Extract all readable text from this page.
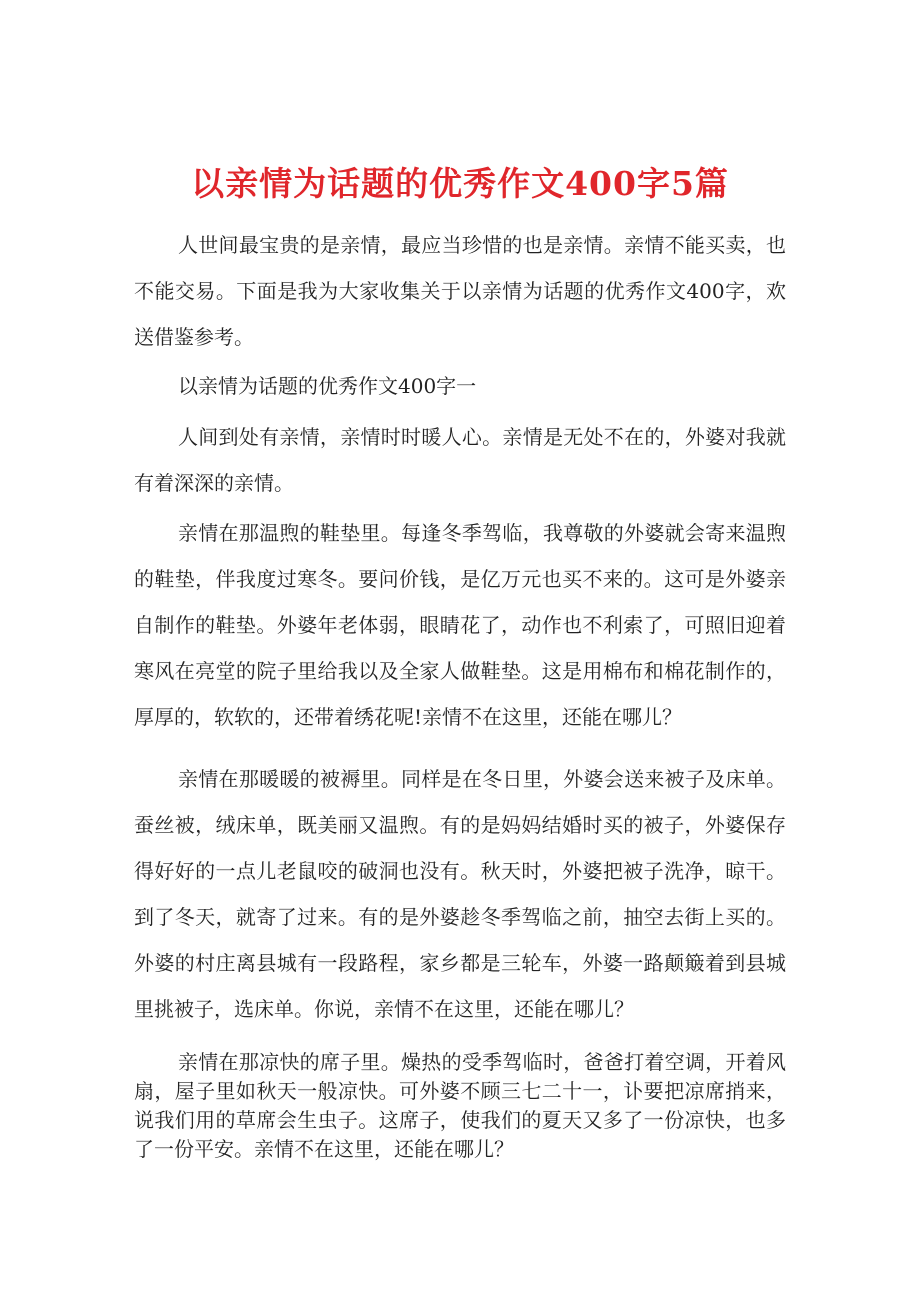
以亲情为话题的优秀作文400字5篇

人世间最宝贵的是亲情，最应当珍惜的也是亲情。亲情不能买卖，也不能交易。下面是我为大家收集关于以亲情为话题的优秀作文400字，欢送借鉴参考。

以亲情为话题的优秀作文400字一

人间到处有亲情，亲情时时暖人心。亲情是无处不在的，外婆对我就有着深深的亲情。

亲情在那温煦的鞋垫里。每逢冬季驾临，我尊敬的外婆就会寄来温煦的鞋垫，伴我度过寒冬。要问价钱，是亿万元也买不来的。这可是外婆亲自制作的鞋垫。外婆年老体弱，眼睛花了，动作也不利索了，可照旧迎着寒风在亮堂的院子里给我以及全家人做鞋垫。这是用棉布和棉花制作的，厚厚的，软软的，还带着绣花呢!亲情不在这里，还能在哪儿？

亲情在那暖暖的被褥里。同样是在冬日里，外婆会送来被子及床单。蚕丝被，绒床单，既美丽又温煦。有的是妈妈结婚时买的被子，外婆保存得好好的一点儿老鼠咬的破洞也没有。秋天时，外婆把被子洗净，晾干。到了冬天，就寄了过来。有的是外婆趁冬季驾临之前，抽空去街上买的。外婆的村庄离县城有一段路程，家乡都是三轮车，外婆一路颠簸着到县城里挑被子，选床单。你说，亲情不在这里，还能在哪儿？

亲情在那凉快的席子里。燥热的受季驾临时，爸爸打着空调，开着风扇，屋子里如秋天一般凉快。可外婆不顾三七二十一，讣要把凉席捎来，说我们用的草席会生虫子。这席子，使我们的夏天又多了一份凉快，也多了一份平安。亲情不在这里，还能在哪儿？
